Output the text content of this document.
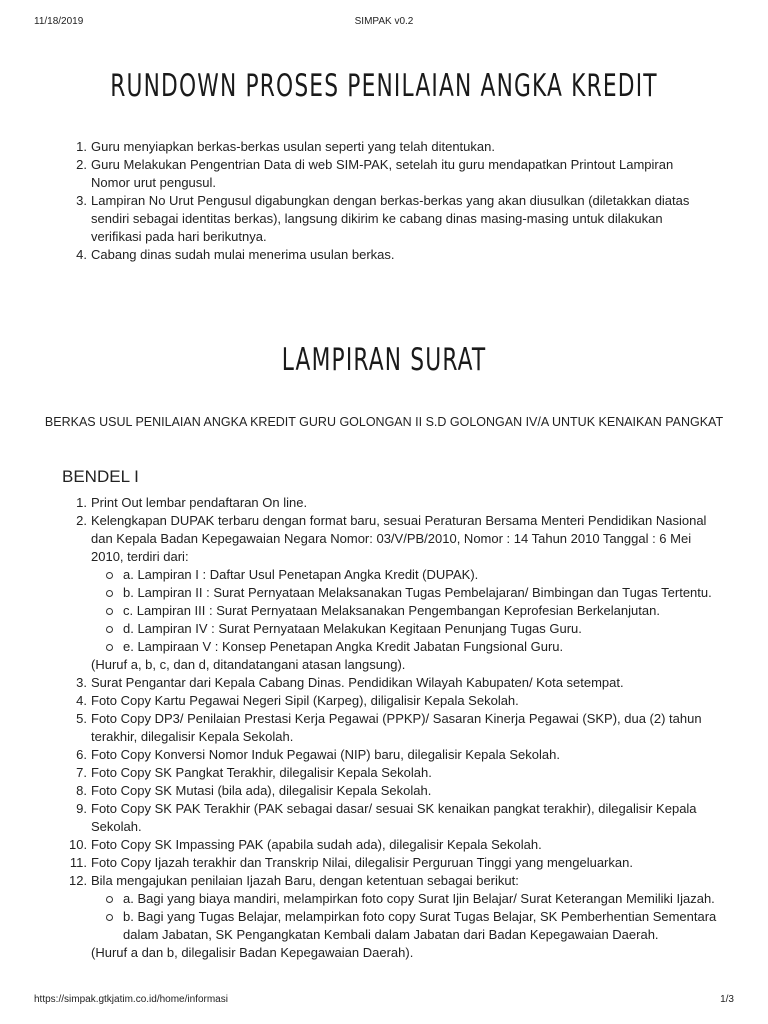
11/18/2019	SIMPAK v0.2
RUNDOWN PROSES PENILAIAN ANGKA KREDIT
1. Guru menyiapkan berkas-berkas usulan seperti yang telah ditentukan.
2. Guru Melakukan Pengentrian Data di web SIM-PAK, setelah itu guru mendapatkan Printout Lampiran Nomor urut pengusul.
3. Lampiran No Urut Pengusul digabungkan dengan berkas-berkas yang akan diusulkan (diletakkan diatas sendiri sebagai identitas berkas), langsung dikirim ke cabang dinas masing-masing untuk dilakukan verifikasi pada hari berikutnya.
4. Cabang dinas sudah mulai menerima usulan berkas.
LAMPIRAN SURAT
BERKAS USUL PENILAIAN ANGKA KREDIT GURU GOLONGAN II S.D GOLONGAN IV/A UNTUK KENAIKAN PANGKAT
BENDEL I
1. Print Out lembar pendaftaran On line.
2. Kelengkapan DUPAK terbaru dengan format baru, sesuai Peraturan Bersama Menteri Pendidikan Nasional dan Kepala Badan Kepegawaian Negara Nomor: 03/V/PB/2010, Nomor : 14 Tahun 2010 Tanggal : 6 Mei 2010, terdiri dari:
a. Lampiran I : Daftar Usul Penetapan Angka Kredit (DUPAK).
b. Lampiran II : Surat Pernyataan Melaksanakan Tugas Pembelajaran/ Bimbingan dan Tugas Tertentu.
c. Lampiran III : Surat Pernyataan Melaksanakan Pengembangan Keprofesian Berkelanjutan.
d. Lampiran IV : Surat Pernyataan Melakukan Kegitaan Penunjang Tugas Guru.
e. Lampiraan V : Konsep Penetapan Angka Kredit Jabatan Fungsional Guru.
(Huruf a, b, c, dan d, ditandatangani atasan langsung).
3. Surat Pengantar dari Kepala Cabang Dinas. Pendidikan Wilayah Kabupaten/ Kota setempat.
4. Foto Copy Kartu Pegawai Negeri Sipil (Karpeg), diligalisir Kepala Sekolah.
5. Foto Copy DP3/ Penilaian Prestasi Kerja Pegawai (PPKP)/ Sasaran Kinerja Pegawai (SKP), dua (2) tahun terakhir, dilegalisir Kepala Sekolah.
6. Foto Copy Konversi Nomor Induk Pegawai (NIP) baru, dilegalisir Kepala Sekolah.
7. Foto Copy SK Pangkat Terakhir, dilegalisir Kepala Sekolah.
8. Foto Copy SK Mutasi (bila ada), dilegalisir Kepala Sekolah.
9. Foto Copy SK PAK Terakhir (PAK sebagai dasar/ sesuai SK kenaikan pangkat terakhir), dilegalisir Kepala Sekolah.
10. Foto Copy SK Impassing PAK (apabila sudah ada), dilegalisir Kepala Sekolah.
11. Foto Copy Ijazah terakhir dan Transkrip Nilai, dilegalisir Perguruan Tinggi yang mengeluarkan.
12. Bila mengajukan penilaian Ijazah Baru, dengan ketentuan sebagai berikut:
a. Bagi yang biaya mandiri, melampirkan foto copy Surat Ijin Belajar/ Surat Keterangan Memiliki Ijazah.
b. Bagi yang Tugas Belajar, melampirkan foto copy Surat Tugas Belajar, SK Pemberhentian Sementara dalam Jabatan, SK Pengangkatan Kembali dalam Jabatan dari Badan Kepegawaian Daerah.
(Huruf a dan b, dilegalisir Badan Kepegawaian Daerah).
https://simpak.gtkjatim.co.id/home/informasi	1/3
